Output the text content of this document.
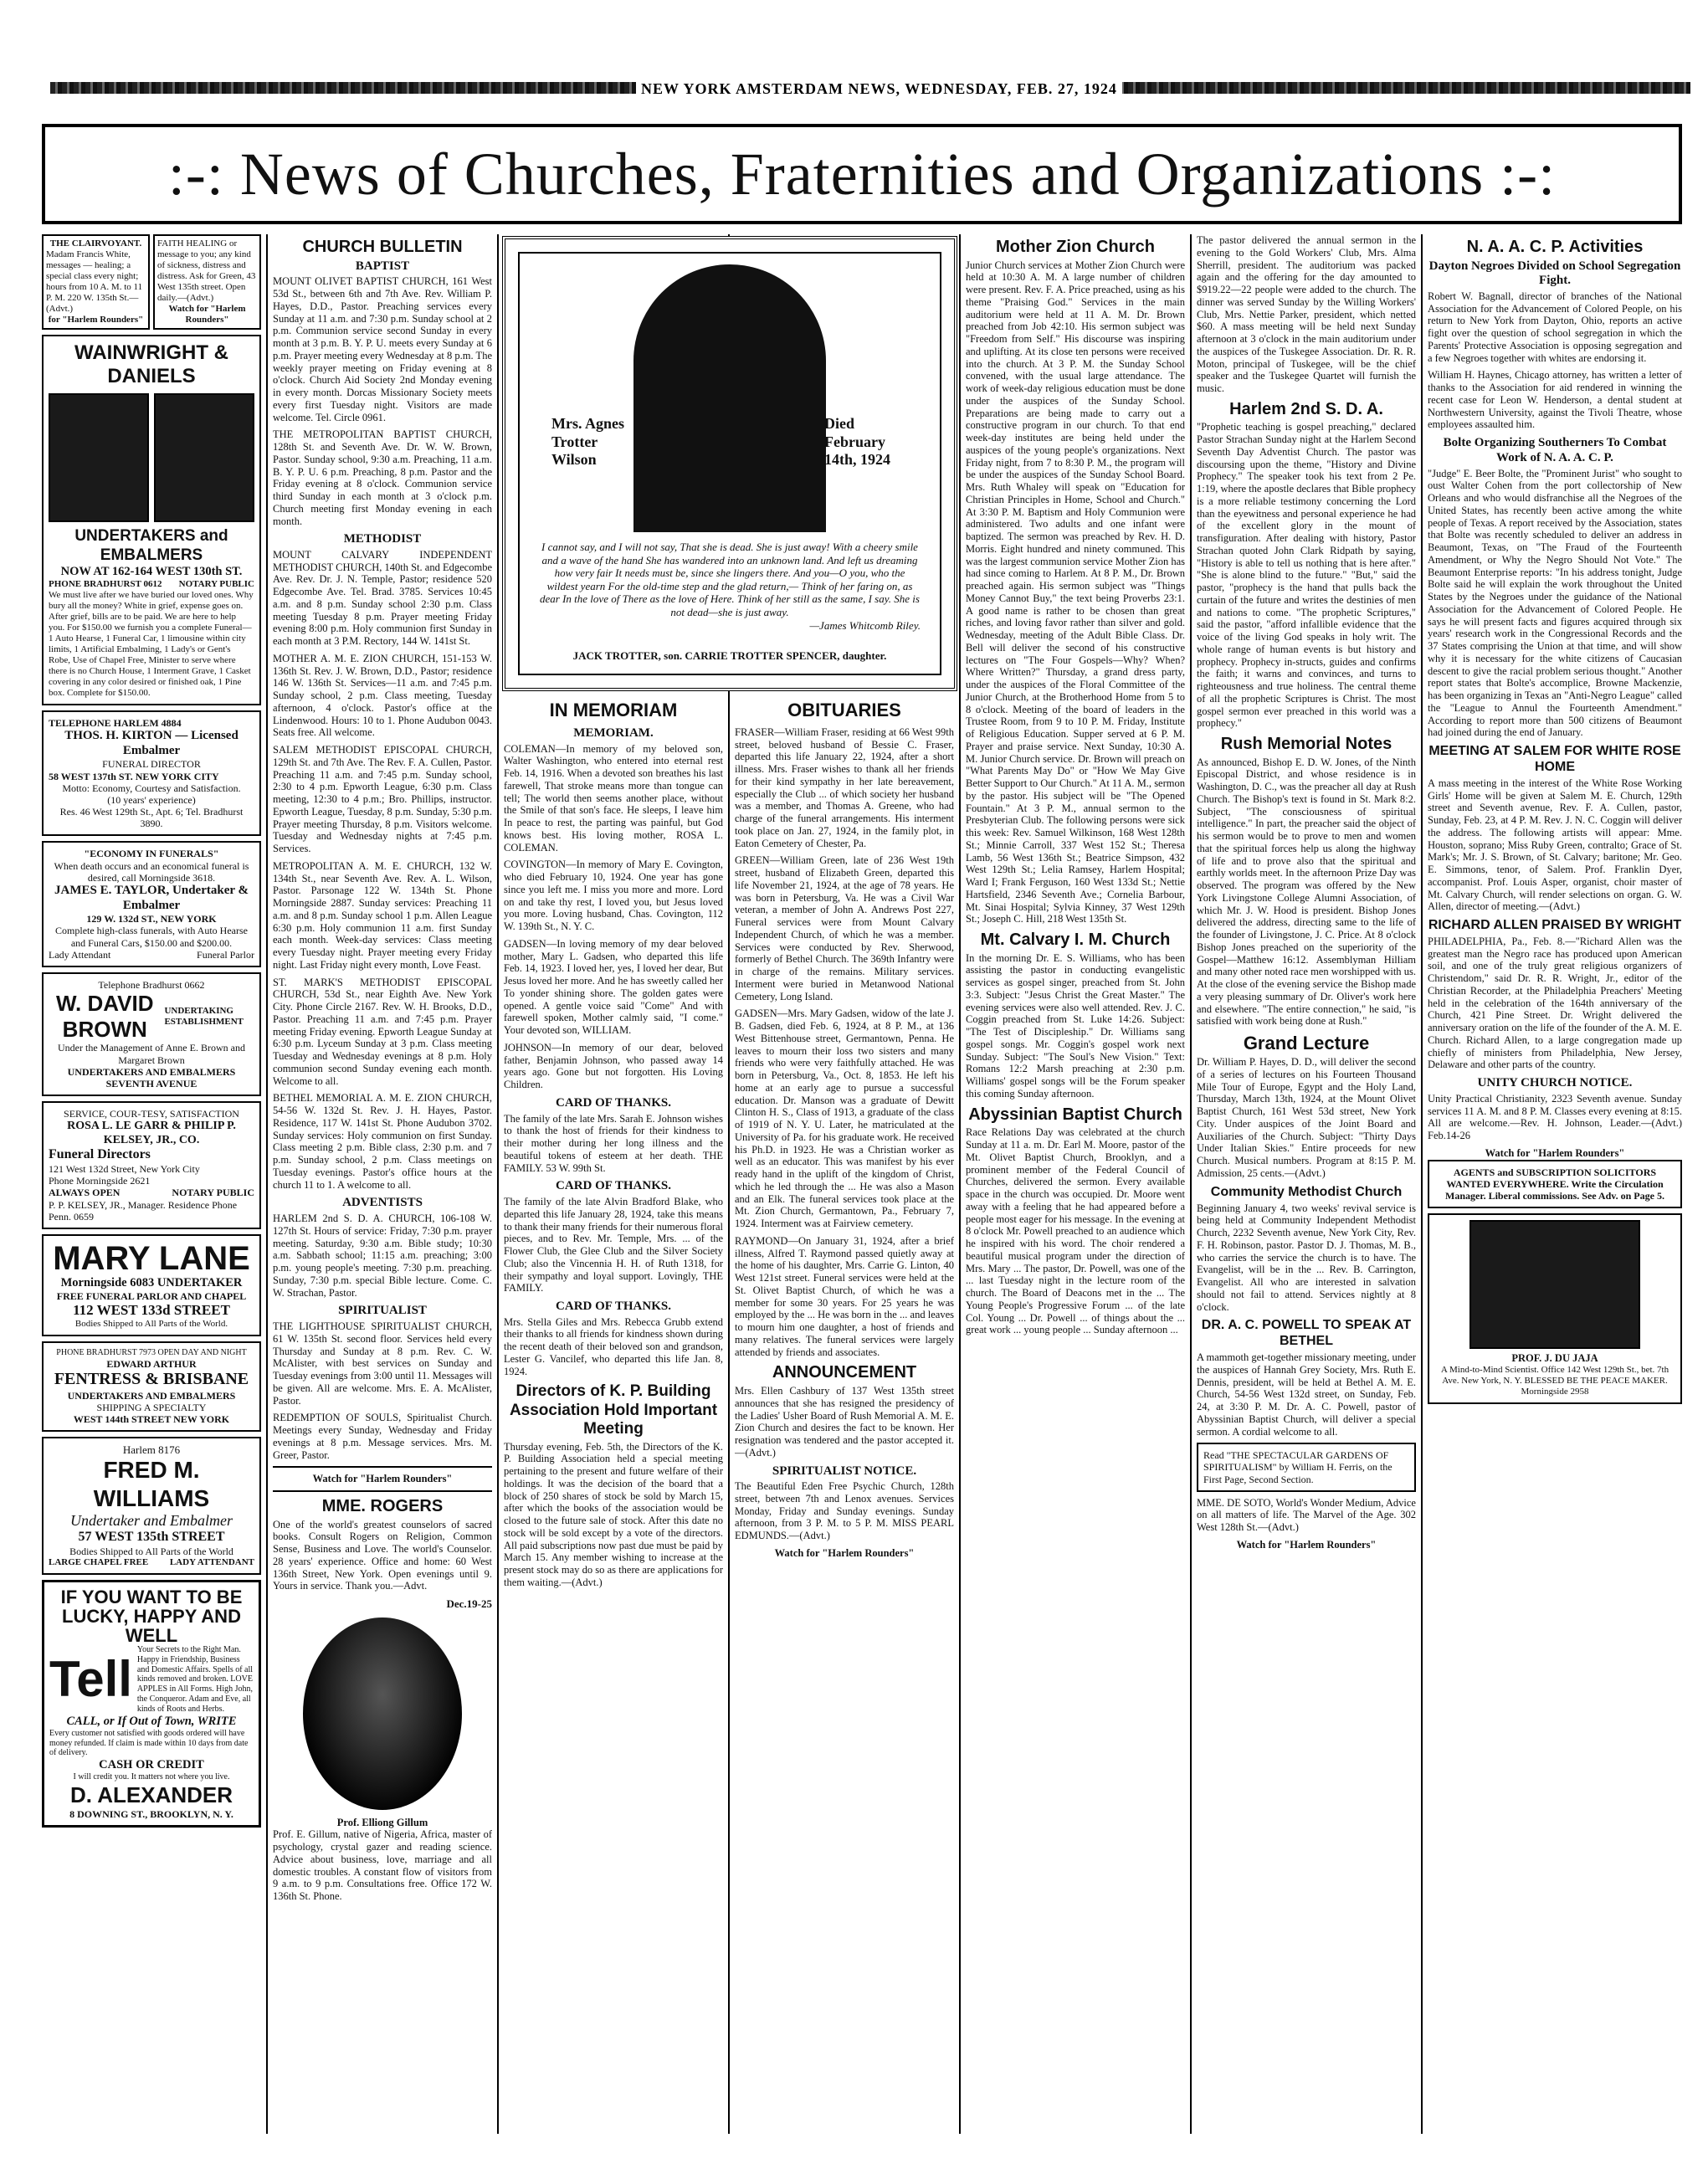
NEW YORK AMSTERDAM NEWS, WEDNESDAY, FEB. 27, 1924
:-: News of Churches, Fraternities and Organizations :-:
THE CLAIRVOYANT.
Madam Francis White, messages — healing; a special class every night; hours from 10 A. M. to 11 P. M. 220 W. 135th St.—(Advt.)
for "Harlem Rounders"
FAITH HEALING or message to you; any kind of sickness, distress and distress. Ask for Green, 43 West 135th street. Open daily.—(Advt.)
Watch for "Harlem Rounders"
WAINWRIGHT & DANIELS
UNDERTAKERS and EMBALMERS
NOW AT 162-164 WEST 130th ST.
PHONE BRADHURST 0612 NOTARY PUBLIC
We must live after we have buried our loved ones. Why bury all the money? White in grief, expense goes on. After grief, bills are to be paid. We are here to help you. For $150.00 we furnish you a complete Funeral—1 Auto Hearse, 1 Funeral Car, 1 limousine within city limits, 1 Artificial Embalming, 1 Lady's or Gent's Robe, Use of Chapel Free, Minister to serve where there is no Church House, 1 Interment Grave, 1 Casket covering in any color desired or finished oak, 1 Pine box. Complete for $150.00.
TELEPHONE HARLEM 4884
THOS. H. KIRTON — Licensed Embalmer
FUNERAL DIRECTOR
58 WEST 137th ST. NEW YORK CITY
Motto: Economy, Courtesy and Satisfaction.
(10 years' experience)
Res. 46 West 129th St., Apt. 6; Tel. Bradhurst 3890.
"ECONOMY IN FUNERALS"
When death occurs and an economical funeral is desired, call Morningside 3618.
JAMES E. TAYLOR, Undertaker & Embalmer
129 W. 132d ST., NEW YORK
Complete high-class funerals, with Auto Hearse and Funeral Cars, $150.00 and $200.00.
Lady Attendant	Funeral Parlor
Telephone Bradhurst 0662
W. DAVID BROWN
UNDERTAKING ESTABLISHMENT
Under the Management of Anne E. Brown and Margaret Brown
UNDERTAKERS AND EMBALMERS
SEVENTH AVENUE
SERVICE, COUR-TESY, SATISFACTION
ROSA L. LE GARR & PHILIP P. KELSEY, JR., CO.
Funeral Directors
121 West 132d Street, New York City
Phone Morningside 2621
ALWAYS OPEN	NOTARY PUBLIC
P. P. KELSEY, JR., Manager. Residence Phone Penn. 0659
MARY LANE
Morningside 6083 UNDERTAKER
FREE FUNERAL PARLOR AND CHAPEL
112 WEST 133d STREET
Bodies Shipped to All Parts of the World.
PHONE BRADHURST 7973 OPEN DAY AND NIGHT
EDWARD ARTHUR
FENTRESS & BRISBANE
UNDERTAKERS AND EMBALMERS
SHIPPING A SPECIALTY
WEST 144th STREET NEW YORK
Harlem 8176
FRED M. WILLIAMS
Undertaker and Embalmer
57 WEST 135th STREET
Bodies Shipped to All Parts of the World
LARGE CHAPEL FREE LADY ATTENDANT
IF YOU WANT TO BE LUCKY, HAPPY AND WELL
Tell
Your Secrets to the Right Man. Happy in Friendship, Business and Domestic Affairs. Spells of all kinds removed and broken. LOVE APPLES in All Forms. High John, the Conqueror. Adam and Eve, all kinds of Roots and Herbs.
CALL, or If Out of Town, WRITE
Every customer not satisfied with goods ordered will have money refunded. If claim is made within 10 days from date of delivery.
CASH OR CREDIT
I will credit you. It matters not where you live.
D. ALEXANDER
8 DOWNING ST., BROOKLYN, N. Y.
CHURCH BULLETIN
BAPTIST

MOUNT OLIVET BAPTIST CHURCH, 161 West 53d St., between 6th and 7th Ave. Rev. William P. Hayes, D.D., Pastor. Preaching services every Sunday at 11 a.m. and 7:30 p.m. Sunday school at 2 p.m. Communion service second Sunday in every month at 3 p.m. B. Y. P. U. meets every Sunday at 6 p.m. Prayer meeting every Wednesday at 8 p.m. The weekly prayer meeting on Friday evening at 8 o'clock. Church Aid Society 2nd Monday evening in every month. Dorcas Missionary Society meets every first Tuesday night. Visitors are made welcome. Tel. Circle 0961.

THE METROPOLITAN BAPTIST CHURCH, 128th St. and Seventh Ave. Dr. W. W. Brown, Pastor. Sunday school, 9:30 a.m. Preaching, 11 a.m. B. Y. P. U. 6 p.m. Preaching, 8 p.m. Pastor and the Friday evening at 8 o'clock. Communion service third Sunday in each month at 3 o'clock p.m. Church meeting first Monday evening in each month.

METHODIST

MOUNT CALVARY INDEPENDENT METHODIST CHURCH, 140th St. and Edgecombe Ave. Rev. Dr. J. N. Temple, Pastor; residence 520 Edgecombe Ave. Tel. Brad. 3785. Services 10:45 a.m. and 8 p.m. Sunday school 2:30 p.m. Class meeting Tuesday 8 p.m. Prayer meeting Friday evening 8:00 p.m. Holy communion first Sunday in each month at 3 P.M. Rectory, 144 W. 141st St.

MOTHER A. M. E. ZION CHURCH, 151-153 W. 136th St. Rev. J. W. Brown, D.D., Pastor; residence 146 W. 136th St. Services—11 a.m. and 7:45 p.m. Sunday school, 2 p.m. Class meeting, Tuesday afternoon, 4 o'clock. Pastor's office at the Lindenwood. Hours: 10 to 1. Phone Audubon 0043. Seats free. All welcome.

SALEM METHODIST EPISCOPAL CHURCH, 129th St. and 7th Ave. The Rev. F. A. Cullen, Pastor. Preaching 11 a.m. and 7:45 p.m. Sunday school, 2:30 to 4 p.m. Epworth League, 6:30 p.m. Class meeting, 12:30 to 4 p.m.; Bro. Phillips, instructor. Epworth League, Tuesday, 8 p.m. Sunday, 5:30 p.m. Prayer meeting Thursday, 8 p.m. Visitors welcome. Tuesday and Wednesday nights at 7:45 p.m. Services.

METROPOLITAN A. M. E. CHURCH, 132 W. 134th St., near Seventh Ave. Rev. A. L. Wilson, Pastor. Parsonage 122 W. 134th St. Phone Morningside 2887. Sunday services: Preaching 11 a.m. and 8 p.m. Sunday school 1 p.m. Allen League 6:30 p.m. Holy communion 11 a.m. first Sunday each month. Week-day services: Class meeting every Tuesday night. Prayer meeting every Friday night. Last Friday night every month, Love Feast.

ST. MARK'S METHODIST EPISCOPAL CHURCH, 53d St., near Eighth Ave. New York City. Phone Circle 2167. Rev. W. H. Brooks, D.D., Pastor. Preaching 11 a.m. and 7:45 p.m. Prayer meeting Friday evening. Epworth League Sunday at 6:30 p.m. Lyceum Sunday at 3 p.m. Class meeting Tuesday and Wednesday evenings at 8 p.m. Holy communion second Sunday evening each month. Welcome to all.

BETHEL MEMORIAL A. M. E. ZION CHURCH, 54-56 W. 132d St. Rev. J. H. Hayes, Pastor. Residence, 117 W. 141st St. Phone Audubon 3702. Sunday services: Holy communion on first Sunday. Class meeting 2 p.m. Bible class, 2:30 p.m. and 7 p.m. Sunday school, 2 p.m. Class meetings on Tuesday evenings. Pastor's office hours at the church 11 to 1. A welcome to all.

ADVENTISTS

HARLEM 2nd S. D. A. CHURCH, 106-108 W. 127th St. Hours of service: Friday, 7:30 p.m. prayer meeting. Saturday, 9:30 a.m. Bible study; 10:30 a.m. Sabbath school; 11:15 a.m. preaching; 3:00 p.m. young people's meeting. 7:30 p.m. preaching. Sunday, 7:30 p.m. special Bible lecture. Come. C. W. Strachan, Pastor.

SPIRITUALIST

THE LIGHTHOUSE SPIRITUALIST CHURCH, 61 W. 135th St. second floor. Services held every Thursday and Sunday at 8 p.m. Rev. C. W. McAlister, with best services on Sunday and Tuesday evenings from 3:00 until 11. Messages will be given. All are welcome. Mrs. E. A. McAlister, Pastor.

REDEMPTION OF SOULS, Spiritualist Church. Meetings every Sunday, Wednesday and Friday evenings at 8 p.m. Message services. Mrs. M. Greer, Pastor.

Watch for "Harlem Rounders"
MME. ROGERS

One of the world's greatest counselors of sacred books. Consult Rogers on Religion, Common Sense, Business and Love. The world's Counselor. 28 years' experience. Office and home: 60 West 136th Street, New York. Open evenings until 9. Yours in service. Thank you.—Advt.

Dec.19-25
Prof. Elliong Gillum

Prof. E. Gillum, native of Nigeria, Africa, master of psychology, crystal gazer and reading science. Advice about business, love, marriage and all domestic troubles. A constant flow of visitors from 9 a.m. to 9 p.m. Consultations free. Office 172 W. 136th St. Phone.

Mrs. Agnes Trotter Wilson
Died
February 14th, 1924
I cannot say, and I will not say, That she is dead. She is just away! With a cheery smile and a wave of the hand She has wandered into an unknown land. And left us dreaming how very fair It needs must be, since she lingers there. And you—O you, who the wildest yearn For the old-time step and the glad return,— Think of her faring on, as dear In the love of There as the love of Here. Think of her still as the same, I say. She is not dead—she is just away.
—James Whitcomb Riley.
JACK TROTTER, son. CARRIE TROTTER SPENCER, daughter.
IN MEMORIAM
MEMORIAM.

COLEMAN—In memory of my beloved son, Walter Washington, who entered into eternal rest Feb. 14, 1916. When a devoted son breathes his last farewell, That stroke means more than tongue can tell; The world then seems another place, without the Smile of that son's face. He sleeps, I leave him In peace to rest, the parting was painful, but God knows best. His loving mother, ROSA L. COLEMAN.

COVINGTON—In memory of Mary E. Covington, who died February 10, 1924. One year has gone since you left me. I miss you more and more. Lord on and take thy rest, I loved you, but Jesus loved you more. Loving husband, Chas. Covington, 112 W. 139th St., N. Y. C.

GADSEN—In loving memory of my dear beloved mother, Mary L. Gadsen, who departed this life Feb. 14, 1923. I loved her, yes, I loved her dear, But Jesus loved her more. And he has sweetly called her To yonder shining shore. The golden gates were opened. A gentle voice said "Come" And with farewell spoken, Mother calmly said, "I come." Your devoted son, WILLIAM.

JOHNSON—In memory of our dear, beloved father, Benjamin Johnson, who passed away 14 years ago. Gone but not forgotten. His Loving Children.

CARD OF THANKS.

The family of the late Mrs. Sarah E. Johnson wishes to thank the host of friends for their kindness to their mother during her long illness and the beautiful tokens of esteem at her death. THE FAMILY. 53 W. 99th St.

CARD OF THANKS.

The family of the late Alvin Bradford Blake, who departed this life January 28, 1924, take this means to thank their many friends for their numerous floral pieces, and to Rev. Mr. Temple, Mrs. ... of the Flower Club, the Glee Club and the Silver Society Club; also the Vincennia H. H. of Ruth 1318, for their sympathy and loyal support. Lovingly, THE FAMILY.

CARD OF THANKS.

Mrs. Stella Giles and Mrs. Rebecca Grubb extend their thanks to all friends for kindness shown during the recent death of their beloved son and grandson, Lester G. Vancilef, who departed this life Jan. 8, 1924.

Directors of K. P. Building Association Hold Important Meeting

Thursday evening, Feb. 5th, the Directors of the K. P. Building Association held a special meeting pertaining to the present and future welfare of their holdings. It was the decision of the board that a block of 250 shares of stock be sold by March 15, after which the books of the association would be closed to the future sale of stock. After this date no stock will be sold except by a vote of the directors. All paid subscriptions now past due must be paid by March 15. Any member wishing to increase at the present stock may do so as there are applications for them waiting.—(Advt.)

OBITUARIES

FRASER—William Fraser, residing at 66 West 99th street, beloved husband of Bessie C. Fraser, departed this life January 22, 1924, after a short illness. Mrs. Fraser wishes to thank all her friends for their kind sympathy in her late bereavement, especially the Club ... of which society her husband was a member, and Thomas A. Greene, who had charge of the funeral arrangements. His interment took place on Jan. 27, 1924, in the family plot, in Eaton Cemetery of Chester, Pa.

GREEN—William Green, late of 236 West 19th street, husband of Elizabeth Green, departed this life November 21, 1924, at the age of 78 years. He was born in Petersburg, Va. He was a Civil War veteran, a member of John A. Andrews Post 227, Funeral services were from Mount Calvary Independent Church, of which he was a member. Services were conducted by Rev. Sherwood, formerly of Bethel Church. The 369th Infantry were in charge of the remains. Military services. Interment were buried in Metanwood National Cemetery, Long Island.

GADSEN—Mrs. Mary Gadsen, widow of the late J. B. Gadsen, died Feb. 6, 1924, at 8 P. M., at 136 West Bittenhouse street, Germantown, Penna. He leaves to mourn their loss two sisters and many friends who were very faithfully attached. He was born in Petersburg, Va., Oct. 8, 1853. He left his home at an early age to pursue a successful education. Dr. Manson was a graduate of Dewitt Clinton H. S., Class of 1913, a graduate of the class of 1919 of N. Y. U. Later, he matriculated at the University of Pa. for his graduate work. He received his Ph.D. in 1923. He was a Christian worker as well as an educator. This was manifest by his ever ready hand in the uplift of the kingdom of Christ, which he led through the ... He was also a Mason and an Elk. The funeral services took place at the Mt. Zion Church, Germantown, Pa., February 7, 1924. Interment was at Fairview cemetery.

RAYMOND—On January 31, 1924, after a brief illness, Alfred T. Raymond passed quietly away at the home of his daughter, Mrs. Carrie G. Linton, 40 West 121st street. Funeral services were held at the St. Olivet Baptist Church, of which he was a member for some 30 years. For 25 years he was employed by the ... He was born in the ... and leaves to mourn him one daughter, a host of friends and many relatives. The funeral services were largely attended by friends and associates.

ANNOUNCEMENT

Mrs. Ellen Cashbury of 137 West 135th street announces that she has resigned the presidency of the Ladies' Usher Board of Rush Memorial A. M. E. Zion Church and desires the fact to be known. Her resignation was tendered and the pastor accepted it.—(Advt.)

SPIRITUALIST NOTICE.

The Beautiful Eden Free Psychic Church, 128th street, between 7th and Lenox avenues. Services Monday, Friday and Sunday evenings. Sunday afternoon, from 3 P. M. to 5 P. M. MISS PEARL EDMUNDS.—(Advt.)

Watch for "Harlem Rounders"
Mother Zion Church

Junior Church services at Mother Zion Church were held at 10:30 A. M. A large number of children were present. Rev. F. A. Price preached, using as his theme "Praising God." Services in the main auditorium were held at 11 A. M. Dr. Brown preached from Job 42:10. His sermon subject was "Freedom from Self." His discourse was inspiring and uplifting. At its close ten persons were received into the church. At 3 P. M. the Sunday School convened, with the usual large attendance. The work of week-day religious education must be done under the auspices of the Sunday School. Preparations are being made to carry out a constructive program in our church. To that end week-day institutes are being held under the auspices of the young people's organizations. Next Friday night, from 7 to 8:30 P. M., the program will be under the auspices of the Sunday School Board. Mrs. Ruth Whaley will speak on "Education for Christian Principles in Home, School and Church." At 3:30 P. M. Baptism and Holy Communion were administered. Two adults and one infant were baptized. The sermon was preached by Rev. H. D. Morris. Eight hundred and ninety communed. This was the largest communion service Mother Zion has had since coming to Harlem. At 8 P. M., Dr. Brown preached again. His sermon subject was "Things Money Cannot Buy," the text being Proverbs 23:1. A good name is rather to be chosen than great riches, and loving favor rather than silver and gold. Wednesday, meeting of the Adult Bible Class. Dr. Bell will deliver the second of his constructive lectures on "The Four Gospels—Why? When? Where Written?" Thursday, a grand dress party, under the auspices of the Floral Committee of the Junior Church, at the Brotherhood Home from 5 to 8 o'clock. Meeting of the board of leaders in the Trustee Room, from 9 to 10 P. M. Friday, Institute of Religious Education. Supper served at 6 P. M. Prayer and praise service. Next Sunday, 10:30 A. M. Junior Church service. Dr. Brown will preach on "What Parents May Do" or "How We May Give Better Support to Our Church." At 11 A. M., sermon by the pastor. His subject will be "The Opened Fountain." At 3 P. M., annual sermon to the Presbyterian Club. The following persons were sick this week: Rev. Samuel Wilkinson, 168 West 128th St.; Minnie Carroll, 337 West 152 St.; Theresa Lamb, 56 West 136th St.; Beatrice Simpson, 432 West 129th St.; Lelia Ramsey, Harlem Hospital; Ward I; Frank Ferguson, 160 West 133d St.; Nettie Hartsfield, 2346 Seventh Ave.; Cornelia Barbour, Mt. Sinai Hospital; Sylvia Kinney, 37 West 129th St.; Joseph C. Hill, 218 West 135th St.

Mt. Calvary I. M. Church

In the morning Dr. E. S. Williams, who has been assisting the pastor in conducting evangelistic services as gospel singer, preached from St. John 3:3. Subject: "Jesus Christ the Great Master." The evening services were also well attended. Rev. J. C. Coggin preached from St. Luke 14:26. Subject: "The Test of Discipleship." Dr. Williams sang gospel songs. Mr. Coggin's gospel work next Sunday. Subject: "The Soul's New Vision." Text: Romans 12:2 Marsh preaching at 2:30 p.m. Williams' gospel songs will be the Forum speaker this coming Sunday afternoon.

Abyssinian Baptist Church

Race Relations Day was celebrated at the church Sunday at 11 a. m. Dr. Earl M. Moore, pastor of the Mt. Olivet Baptist Church, Brooklyn, and a prominent member of the Federal Council of Churches, delivered the sermon. Every available space in the church was occupied. Dr. Moore went away with a feeling that he had appeared before a people most eager for his message. In the evening at 8 o'clock Mr. Powell preached to an audience which he inspired with his word. The choir rendered a beautiful musical program under the direction of Mrs. Mary ... The pastor, Dr. Powell, was one of the ... last Tuesday night in the lecture room of the church. The Board of Deacons met in the ... The Young People's Progressive Forum ... of the late Col. Young ... Dr. Powell ... of things about the ... great work ... young people ... Sunday afternoon ...

The pastor delivered the annual sermon in the evening to the Gold Workers' Club, Mrs. Alma Sherrill, president. The auditorium was packed again and the offering for the day amounted to $919.22—22 people were added to the church. The dinner was served Sunday by the Willing Workers' Club, Mrs. Nettie Parker, president, which netted $60. A mass meeting will be held next Sunday afternoon at 3 o'clock in the main auditorium under the auspices of the Tuskegee Association. Dr. R. R. Moton, principal of Tuskegee, will be the chief speaker and the Tuskegee Quartet will furnish the music.

Harlem 2nd S. D. A.

"Prophetic teaching is gospel preaching," declared Pastor Strachan Sunday night at the Harlem Second Seventh Day Adventist Church. The pastor was discoursing upon the theme, "History and Divine Prophecy." The speaker took his text from 2 Pe. 1:19, where the apostle declares that Bible prophecy is a more reliable testimony concerning the Lord than the eyewitness and personal experience he had of the excellent glory in the mount of transfiguration. After dealing with history, Pastor Strachan quoted John Clark Ridpath by saying, "History is able to tell us nothing that is here after." "She is alone blind to the future." "But," said the pastor, "prophecy is the hand that pulls back the curtain of the future and writes the destinies of men and nations to come. "The prophetic Scriptures," said the pastor, "afford infallible evidence that the voice of the living God speaks in holy writ. The whole range of human events is but history and prophecy. Prophecy in-structs, guides and confirms the faith; it warns and convinces, and turns to righteousness and true holiness. The central theme of all the prophetic Scriptures is Christ. The most gospel sermon ever preached in this world was a prophecy."

Rush Memorial Notes

As announced, Bishop E. D. W. Jones, of the Ninth Episcopal District, and whose residence is in Washington, D. C., was the preacher all day at Rush Church. The Bishop's text is found in St. Mark 8:2. Subject, "The consciousness of spiritual intelligence." In part, the preacher said the object of his sermon would be to prove to men and women that the spiritual forces help us along the highway of life and to prove also that the spiritual and earthly worlds meet. In the afternoon Prize Day was observed. The program was offered by the New York Livingstone College Alumni Association, of which Mr. J. W. Hood is president. Bishop Jones delivered the address, directing same to the life of the founder of Livingstone, J. C. Price. At 8 o'clock Bishop Jones preached on the superiority of the Gospel—Matthew 16:12. Assemblyman Hilliam and many other noted race men worshipped with us. At the close of the evening service the Bishop made a very pleasing summary of Dr. Oliver's work here and elsewhere. "The entire connection," he said, "is satisfied with work being done at Rush."

Grand Lecture

Dr. William P. Hayes, D. D., will deliver the second of a series of lectures on his Fourteen Thousand Mile Tour of Europe, Egypt and the Holy Land, Thursday, March 13th, 1924, at the Mount Olivet Baptist Church, 161 West 53d street, New York City. Under auspices of the Joint Board and Auxiliaries of the Church. Subject: "Thirty Days Under Italian Skies." Entire proceeds for new Church. Musical numbers. Program at 8:15 P. M. Admission, 25 cents.—(Advt.)

Community Methodist Church

Beginning January 4, two weeks' revival service is being held at Community Independent Methodist Church, 2232 Seventh avenue, New York City, Rev. F. H. Robinson, pastor. Pastor D. J. Thomas, M. B., who carries the service the church is to have. The Evangelist, will be in the ... Rev. B. Carrington, Evangelist. All who are interested in salvation should not fail to attend. Services nightly at 8 o'clock.

DR. A. C. POWELL TO SPEAK AT BETHEL

A mammoth get-together missionary meeting, under the auspices of Hannah Grey Society, Mrs. Ruth E. Dennis, president, will be held at Bethel A. M. E. Church, 54-56 West 132d street, on Sunday, Feb. 24, at 3:30 P. M. Dr. A. C. Powell, pastor of Abyssinian Baptist Church, will deliver a special sermon. A cordial welcome to all.

Read "THE SPECTACULAR GARDENS OF SPIRITUALISM" by William H. Ferris, on the First Page, Second Section.

MME. DE SOTO, World's Wonder Medium, Advice on all matters of life. The Marvel of the Age. 302 West 128th St.—(Advt.)

Watch for "Harlem Rounders"
N. A. A. C. P. Activities
Dayton Negroes Divided on School Segregation Fight.

Robert W. Bagnall, director of branches of the National Association for the Advancement of Colored People, on his return to New York from Dayton, Ohio, reports an active fight over the question of school segregation in which the Parents' Protective Association is opposing segregation and a few Negroes together with whites are endorsing it.

William H. Haynes, Chicago attorney, has written a letter of thanks to the Association for aid rendered in winning the recent case for Leon W. Henderson, a dental student at Northwestern University, against the Tivoli Theatre, whose employees assaulted him.

Bolte Organizing Southerners To Combat Work of N. A. A. C. P.

"Judge" E. Beer Bolte, the "Prominent Jurist" who sought to oust Walter Cohen from the port collectorship of New Orleans and who would disfranchise all the Negroes of the United States, has recently been active among the white people of Texas. A report received by the Association, states that Bolte was recently scheduled to deliver an address in Beaumont, Texas, on "The Fraud of the Fourteenth Amendment, or Why the Negro Should Not Vote." The Beaumont Enterprise reports: "In his address tonight, Judge Bolte said he will explain the work throughout the United States by the Negroes under the guidance of the National Association for the Advancement of Colored People. He says he will present facts and figures acquired through six years' research work in the Congressional Records and the 37 States comprising the Union at that time, and will show why it is necessary for the white citizens of Caucasian descent to give the racial problem serious thought." Another report states that Bolte's accomplice, Browne Mackenzie, has been organizing in Texas an "Anti-Negro League" called the "League to Annul the Fourteenth Amendment." According to report more than 500 citizens of Beaumont had joined during the end of January.

MEETING AT SALEM FOR WHITE ROSE HOME

A mass meeting in the interest of the White Rose Working Girls' Home will be given at Salem M. E. Church, 129th street and Seventh avenue, Rev. F. A. Cullen, pastor, Sunday, Feb. 23, at 4 P. M. Rev. J. N. C. Coggin will deliver the address. The following artists will appear: Mme. Houston, soprano; Miss Ruby Green, contralto; Grace of St. Mark's; Mr. J. S. Brown, of St. Calvary; baritone; Mr. Geo. E. Simmons, tenor, of Salem. Prof. Franklin Dyer, accompanist. Prof. Louis Asper, organist, choir master of Mt. Calvary Church, will render selections on organ. G. W. Allen, director of meeting.—(Advt.)

RICHARD ALLEN PRAISED BY WRIGHT

PHILADELPHIA, Pa., Feb. 8.—"Richard Allen was the greatest man the Negro race has produced upon American soil, and one of the truly great religious organizers of Christendom," said Dr. R. R. Wright, Jr., editor of the Christian Recorder, at the Philadelphia Preachers' Meeting held in the celebration of the 164th anniversary of the Church, 421 Pine Street. Dr. Wright delivered the anniversary oration on the life of the founder of the A. M. E. Church. Richard Allen, to a large congregation made up chiefly of ministers from Philadelphia, New Jersey, Delaware and other parts of the country.

UNITY CHURCH NOTICE.

Unity Practical Christianity, 2323 Seventh avenue. Sunday services 11 A. M. and 8 P. M. Classes every evening at 8:15. All are welcome.—Rev. H. Johnson, Leader.—(Advt.) Feb.14-26

Watch for "Harlem Rounders"
AGENTS and SUBSCRIPTION SOLICITORS WANTED EVERYWHERE. Write the Circulation Manager. Liberal commissions. See Adv. on Page 5.
PROF. J. DU JAJA
A Mind-to-Mind Scientist. Office 142 West 129th St., bet. 7th Ave. New York, N. Y. BLESSED BE THE PEACE MAKER. Morningside 2958
